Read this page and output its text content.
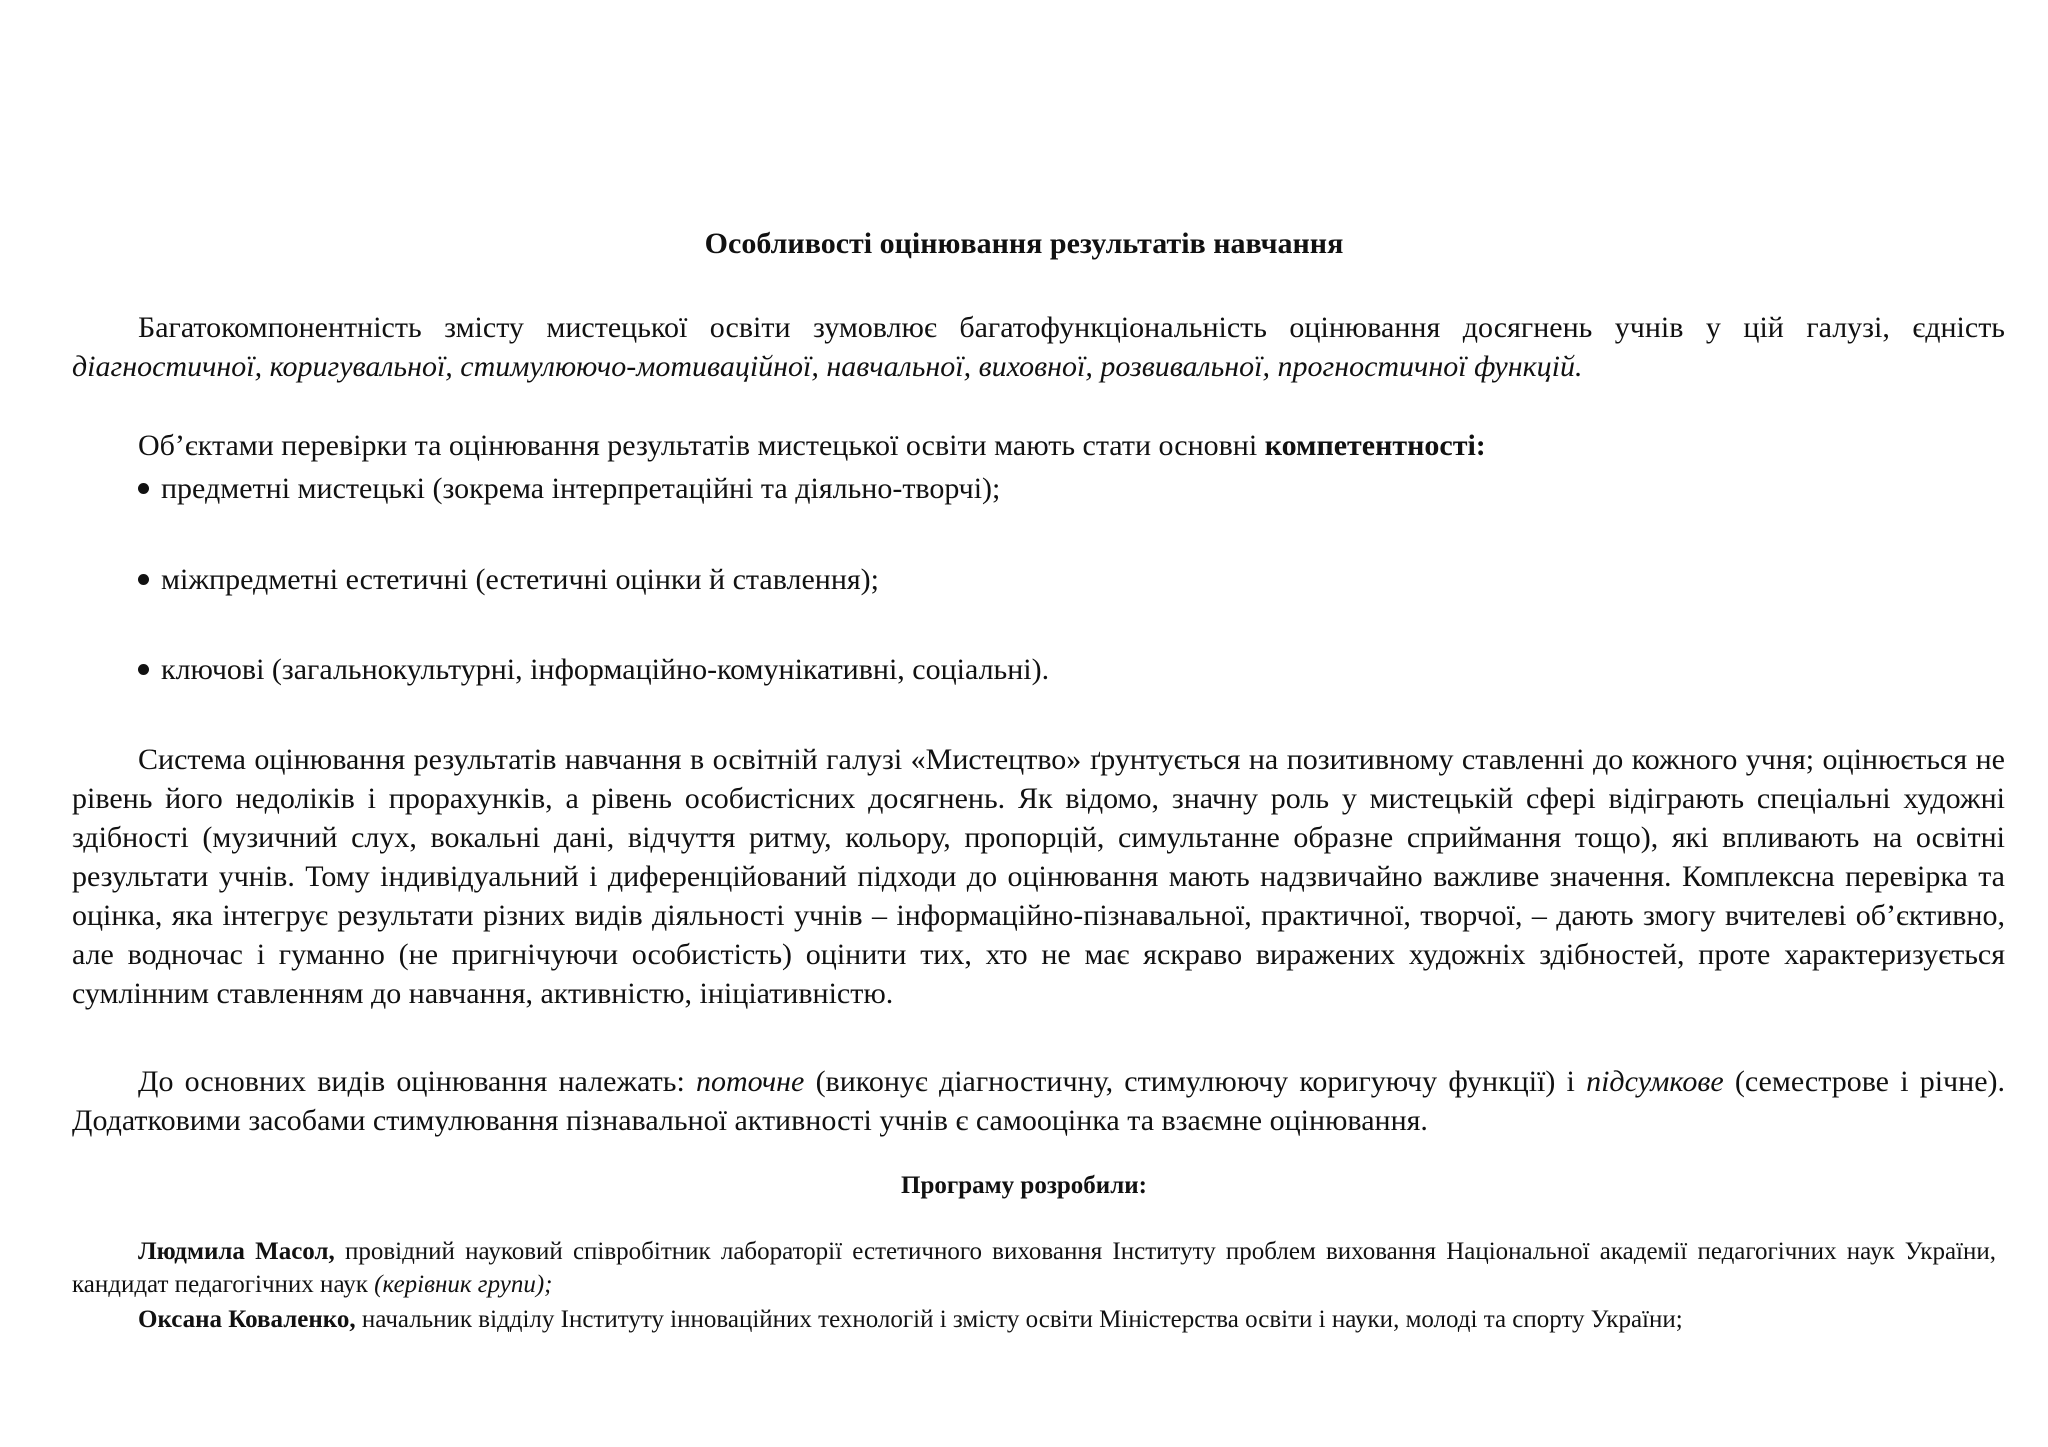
Особливості оцінювання результатів навчання
Багатокомпонентність змісту мистецької освіти зумовлює багатофункціональність оцінювання досягнень учнів у цій галузі, єдність діагностичної, коригувальної, стимулюючо-мотиваційної, навчальної, виховної, розвивальної, прогностичної функцій.
Об’єктами перевірки та оцінювання результатів мистецької освіти мають стати основні компетентності:
предметні мистецькі (зокрема інтерпретаційні та діяльно-творчі);
міжпредметні естетичні (естетичні оцінки й ставлення);
ключові (загальнокультурні, інформаційно-комунікативні, соціальні).
Система оцінювання результатів навчання в освітній галузі «Мистецтво» ґрунтується на позитивному ставленні до кожного учня; оцінюється не рівень його недоліків і прорахунків, а рівень особистісних досягнень. Як відомо, значну роль у мистецькій сфері відіграють спеціальні художні здібності (музичний слух, вокальні дані, відчуття ритму, кольору, пропорцій, симультанне образне сприймання тощо), які впливають на освітні результати учнів. Тому індивідуальний і диференційований підходи до оцінювання мають надзвичайно важливе значення. Комплексна перевірка та оцінка, яка інтегрує результати різних видів діяльності учнів – інформаційно-пізнавальної, практичної, творчої, – дають змогу вчителеві об’єктивно, але водночас і гуманно (не пригнічуючи особистість) оцінити тих, хто не має яскраво виражених художніх здібностей, проте характеризується сумлінним ставленням до навчання, активністю, ініціативністю.
До основних видів оцінювання належать: поточне (виконує діагностичну, стимулюючу коригуючу функції) і підсумкове (семестрове і річне). Додатковими засобами стимулювання пізнавальної активності учнів є самооцінка та взаємне оцінювання.
Програму розробили:
Людмила Масол, провідний науковий співробітник лабораторії естетичного виховання Інституту проблем виховання Національної академії педагогічних наук України, кандидат педагогічних наук (керівник групи);
Оксана Коваленко, начальник відділу Інституту інноваційних технологій і змісту освіти Міністерства освіти і науки, молоді та спорту України;
